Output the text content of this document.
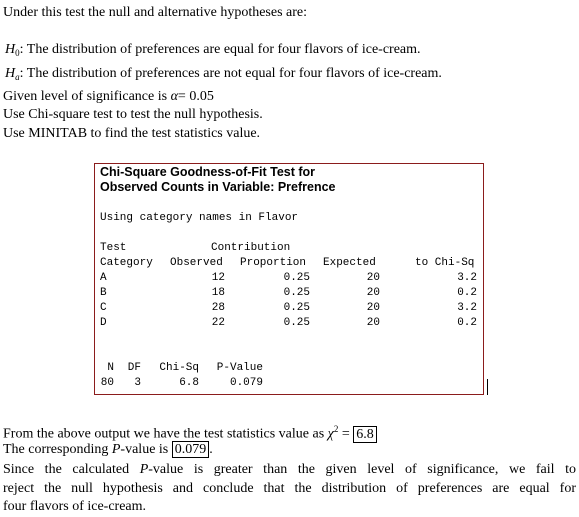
Under this test the null and alternative hypotheses are:
$H_0$: The distribution of preferences are equal for four flavors of ice-cream.
$H_a$: The distribution of preferences are not equal for four flavors of ice-cream.
Given level of significance is α= 0.05
Use Chi-square test to test the null hypothesis.
Use MINITAB to find the test statistics value.
Chi-Square Goodness-of-Fit Test for
Observed Counts in Variable: Prefrence
Using category names in Flavor
Test	Contribution
Category Observed Proportion Expected	to Chi-Sq
A	12	0.25	20	3.2
B	18	0.25	20	0.2
C	28	0.25	20	3.2
D	22	0.25	20	0.2
N	DF	Chi-Sq	P-Value
80	3	6.8	0.079
From the above output we have the test statistics value as $\chi^2 = 6.8$
The corresponding P-value is 0.079 .
Since the calculated P-value is greater than the given level of significance, we fail to
reject the null hypothesis and conclude that the distribution of preferences are equal for
four flavors of ice-cream.
